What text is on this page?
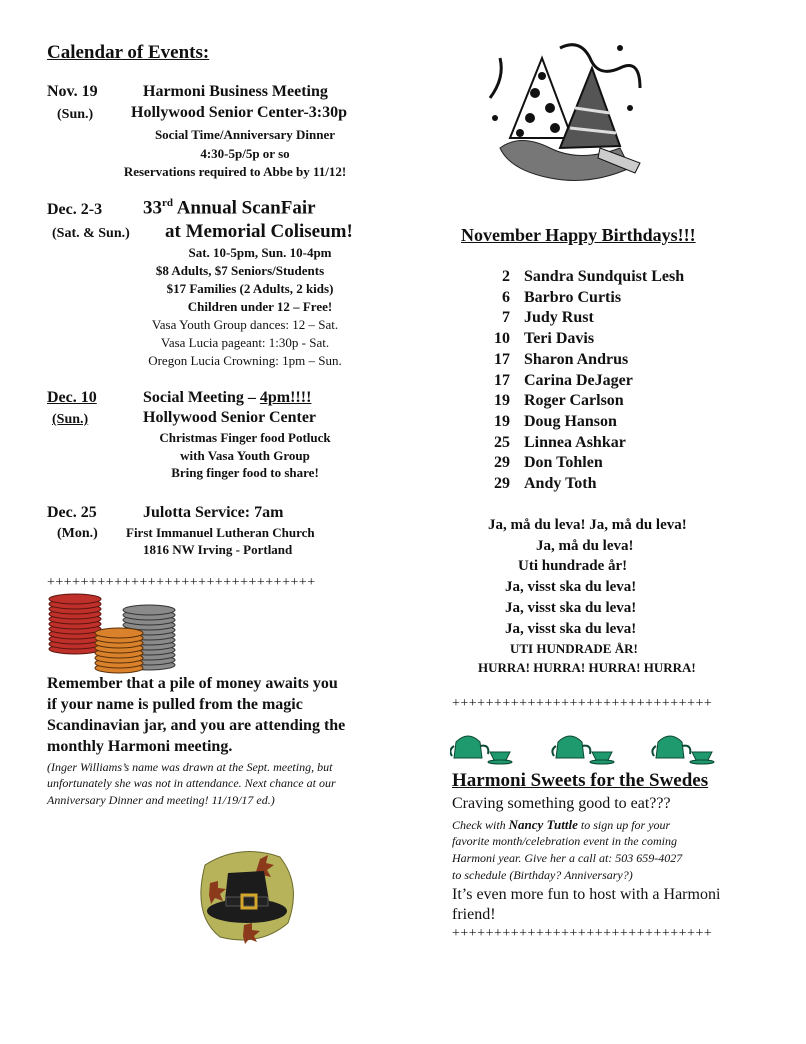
Calendar of Events:
Nov. 19	Harmoni Business Meeting
(Sun.) Hollywood Senior Center-3:30p
Social Time/Anniversary Dinner
4:30-5p/5p or so
Reservations required to Abbe by 11/12!
Dec. 2-3 33rd Annual ScanFair
(Sat. & Sun.) at Memorial Coliseum!
Sat. 10-5pm, Sun. 10-4pm
$8 Adults, $7 Seniors/Students
$17 Families (2 Adults, 2 kids)
Children under 12 – Free!
Vasa Youth Group dances: 12 – Sat.
Vasa Lucia pageant: 1:30p - Sat.
Oregon Lucia Crowning: 1pm – Sun.
Dec. 10	Social Meeting – 4pm!!!!
(Sun.)	Hollywood Senior Center
Christmas Finger food Potluck
with Vasa Youth Group
Bring finger food to share!
Dec. 25	Julotta Service: 7am
(Mon.) First Immanuel Lutheran Church
1816 NW Irving - Portland
++++++++++++++++++++++++++++++++
Remember that a pile of money awaits you
if your name is pulled from the magic
Scandinavian jar, and you are attending the
monthly Harmoni meeting.
(Inger Williams’s name was drawn at the Sept. meeting, but
unfortunately she was not in attendance. Next chance at our
Anniversary Dinner and meeting! 11/19/17 ed.)
November Happy Birthdays!!!
2 Sandra Sundquist Lesh
6 Barbro Curtis
7 Judy Rust
10 Teri Davis
17 Sharon Andrus
17 Carina DeJager
19 Roger Carlson
19 Doug Hanson
25 Linnea Ashkar
29 Don Tohlen
29 Andy Toth
Ja, må du leva! Ja, må du leva!
Ja, må du leva!
Uti hundrade år!
Ja, visst ska du leva!
Ja, visst ska du leva!
Ja, visst ska du leva!
UTI HUNDRADE ÅR!
HURRA! HURRA! HURRA! HURRA!
+++++++++++++++++++++++++++++++
Harmoni Sweets for the Swedes
Craving something good to eat???
Check with Nancy Tuttle to sign up for your
favorite month/celebration event in the coming
Harmoni year. Give her a call at: 503 659-4027
to schedule (Birthday? Anniversary?)
It’s even more fun to host with a Harmoni
friend!
+++++++++++++++++++++++++++++++
